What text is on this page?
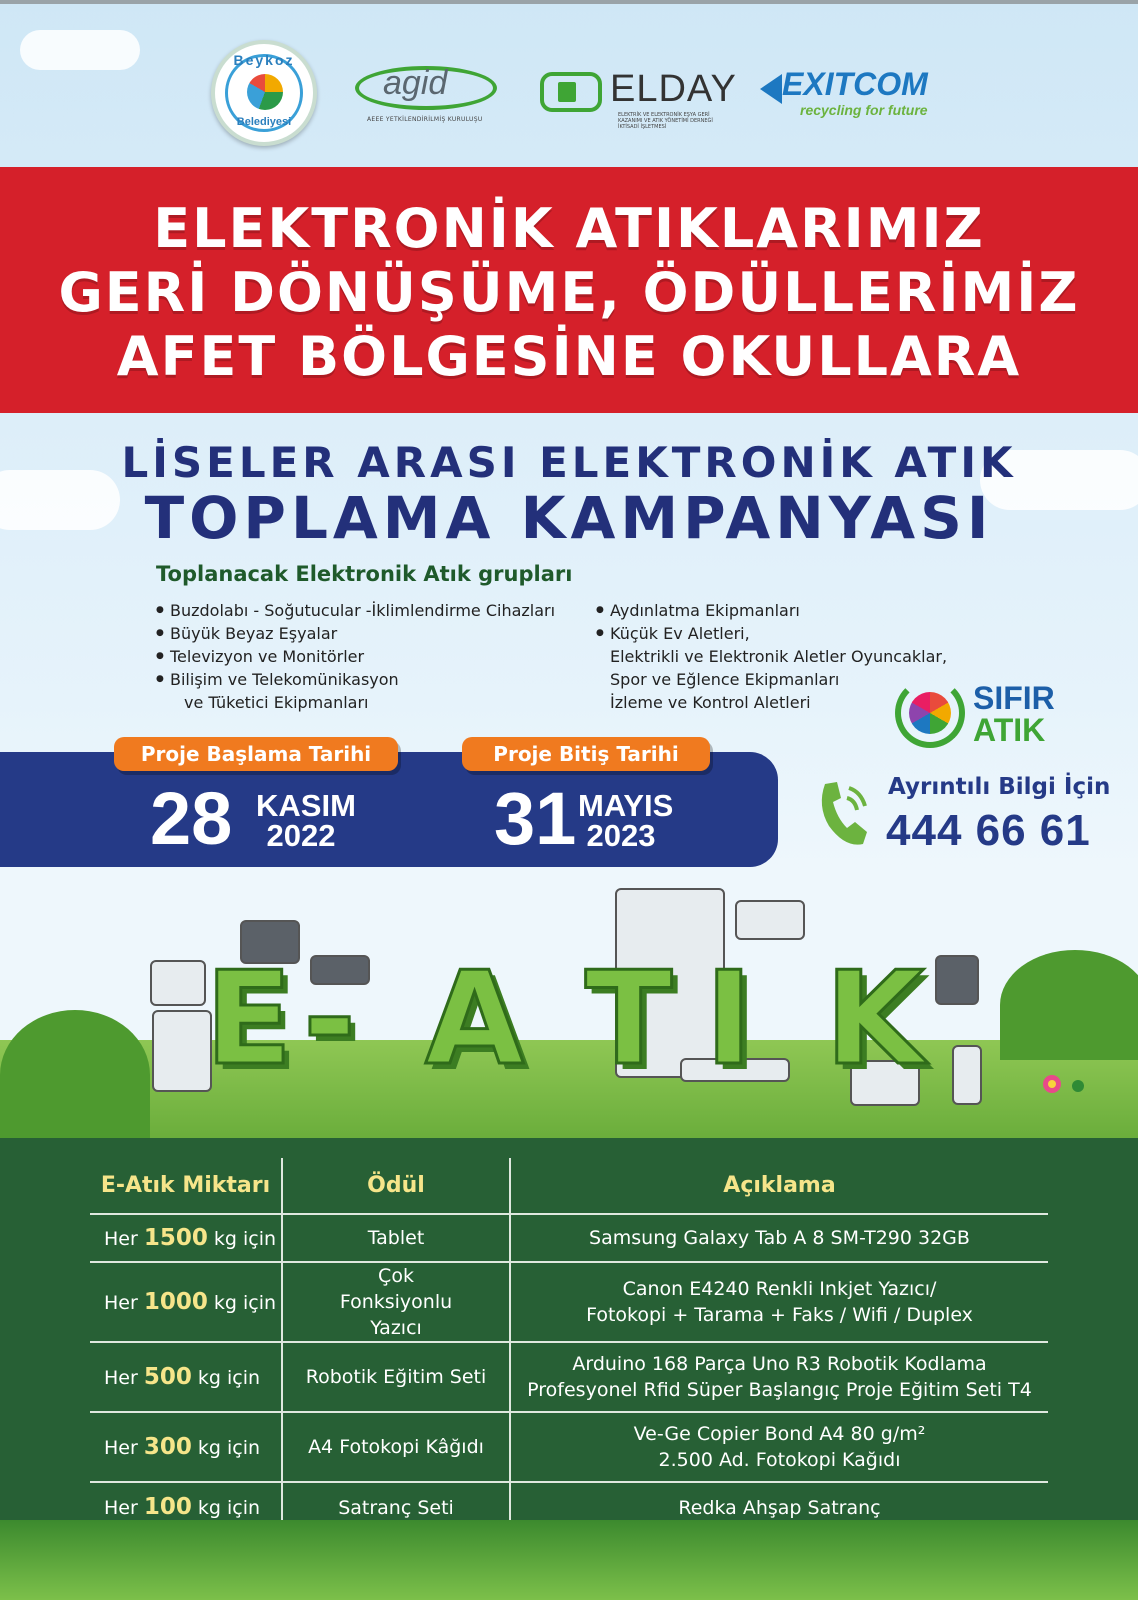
Beykoz
Belediyesi
agid
AEEE YETKİLENDİRİLMİŞ KURULUŞU
ELDAY
ELEKTRİK VE ELEKTRONİK EŞYA GERİ KAZANIMI VE ATIK YÖNETİMİ DERNEĞİ İKTİSADİ İŞLETMESİ
EXITCOM
recycling for future
ELEKTRONİK ATIKLARIMIZ
GERİ DÖNÜŞÜME, ÖDÜLLERİMİZ
AFET BÖLGESİNE OKULLARA
LİSELER ARASI ELEKTRONİK ATIK
TOPLAMA KAMPANYASI
Toplanacak Elektronik Atık grupları
● Buzdolabı - Soğutucular -İklimlendirme Cihazları
● Büyük Beyaz Eşyalar
● Televizyon ve Monitörler
● Bilişim ve Telekomünikasyon
ve Tüketici Ekipmanları
● Aydınlatma Ekipmanları
● Küçük Ev Aletleri,
Elektrikli ve Elektronik Aletler Oyuncaklar,
Spor ve Eğlence Ekipmanları
İzleme ve Kontrol Aletleri	SIFIR
ATIK
Proje Başlama Tarihi	Proje Bitiş Tarihi
28 KASIM
2022 31 MAYIS
2023
Ayrıntılı Bilgi İçin
444 66 61
E - A T I K
E-Atık Miktarı	Ödül	Açıklama
Her 1500 kg için	Tablet	Samsung Galaxy Tab A 8 SM-T290 32GB

Her 1000 kg için	Çok Fonksiyonlu Yazıcı	Canon E4240 Renkli Inkjet Yazıcı/
Fotokopi + Tarama + Faks / Wifi / Duplex

Her 500 kg için	Robotik Eğitim Seti	Arduino 168 Parça Uno R3 Robotik Kodlama
Profesyonel Rfid Süper Başlangıç Proje Eğitim Seti T4

Her 300 kg için	A4 Fotokopi Kâğıdı	Ve-Ge Copier Bond A4 80 g/m²
2.500 Ad. Fotokopi Kağıdı

Her 100 kg için	Satranç Seti	Redka Ahşap Satranç
